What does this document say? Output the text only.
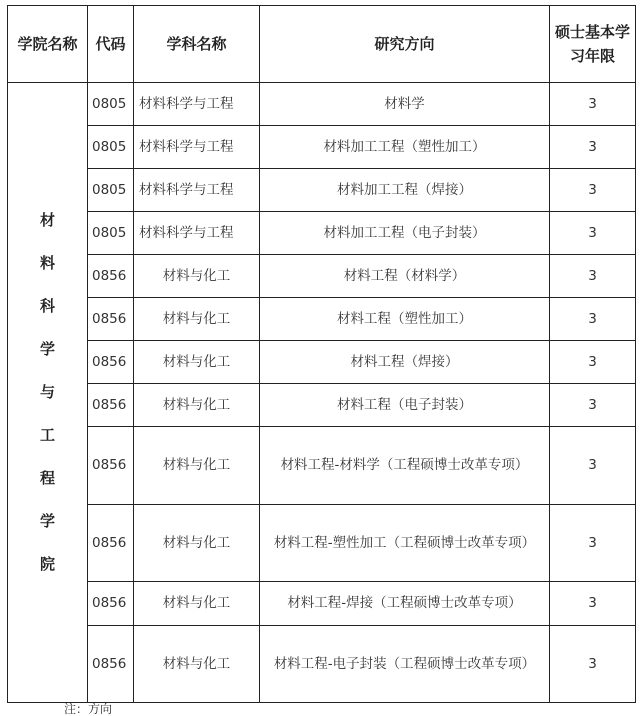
学院名称	代码	学科名称	研究方向	硕士基本学习年限
材料科学与工程学院	0805	材料科学与工程	材料学	3
	0805	材料科学与工程	材料加工工程（塑性加工）	3
	0805	材料科学与工程	材料加工工程（焊接）	3
	0805	材料科学与工程	材料加工工程（电子封装）	3
	0856	材料与化工	材料工程（材料学）	3
	0856	材料与化工	材料工程（塑性加工）	3
	0856	材料与化工	材料工程（焊接）	3
	0856	材料与化工	材料工程（电子封装）	3
	0856	材料与化工	材料工程-材料学（工程硕博士改革专项）	3
	0856	材料与化工	材料工程-塑性加工（工程硕博士改革专项）	3
	0856	材料与化工	材料工程-焊接（工程硕博士改革专项）	3
	0856	材料与化工	材料工程-电子封装（工程硕博士改革专项）	3
注：方向
